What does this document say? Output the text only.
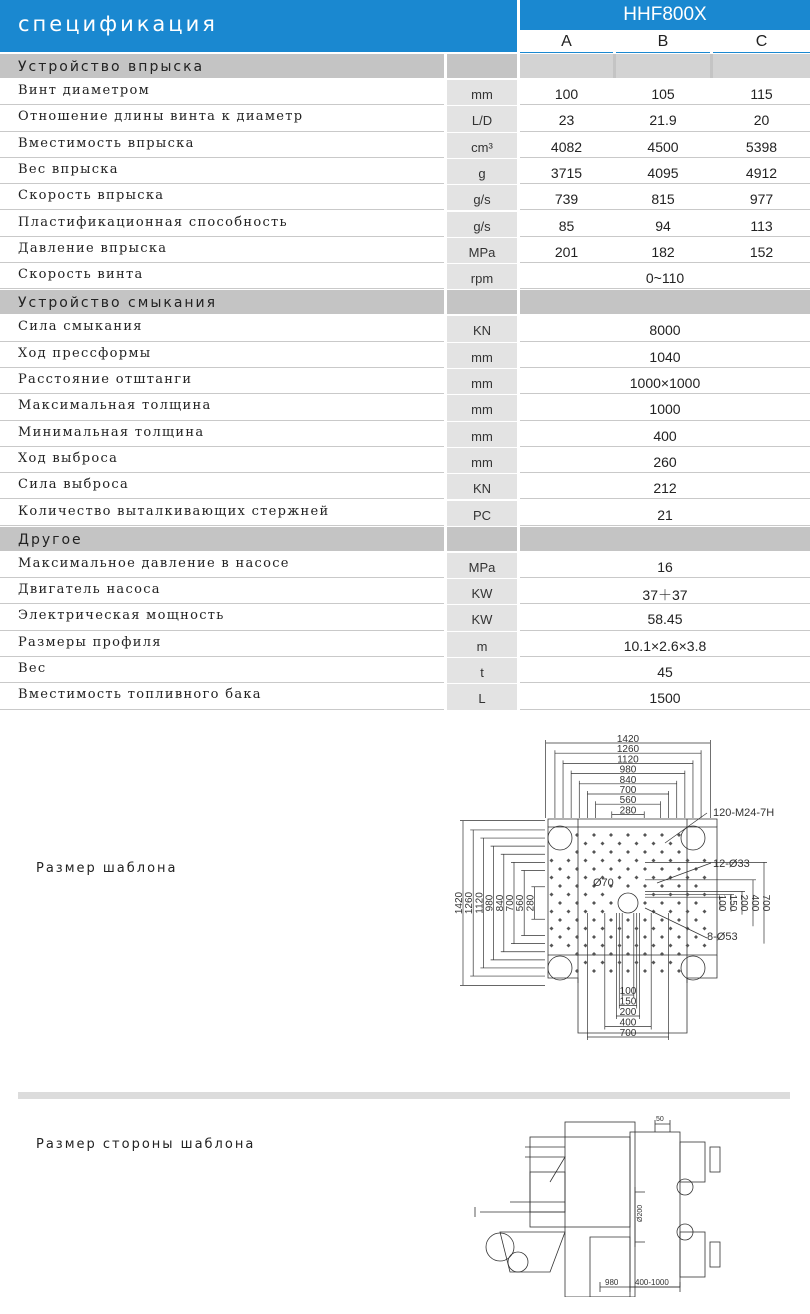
спецификация	HHF800X
A	B	C
Устройство впрыска
Винт диаметром	mm	100	105	115
Отношение длины винта к диаметр	L/D	23	21.9	20
Вместимость впрыска	cm³	4082	4500	5398
Вес впрыска	g	3715	4095	4912
Скорость впрыска	g/s	739	815	977
Пластификационная способность	g/s	85	94	113
Давление впрыска	MPa	201	182	152
Скорость винта	rpm	0~110
Устройство смыкания
Сила смыкания	KN	8000
Ход прессформы	mm	1040
Расстояние отштанги	mm	1000×1000
Максимальная толщина	mm	1000
Минимальная толщина	mm	400
Ход выброса	mm	260
Сила выброса	KN	212
Количество выталкивающих стержней	PC	21
Другое
Максимальное давление в насосе	MPa	16
Двигатель насоса	KW	37＋37
Электрическая мощность	KW	58.45
Размеры профиля	m	10.1×2.6×3.8
Вес	t	45
Вместимость топливного бака	L	1500
Размер шаблона
Размер стороны шаблона
1420
1260
1120
980
840
700
560
280
1420 1260 1120 980 840 700 560 280	100 150 200 400 700
100
150
200
400
700
120-M24-7H
12-Ø33
8-Ø53
Ø70
50
Ø200
980 400-1000
